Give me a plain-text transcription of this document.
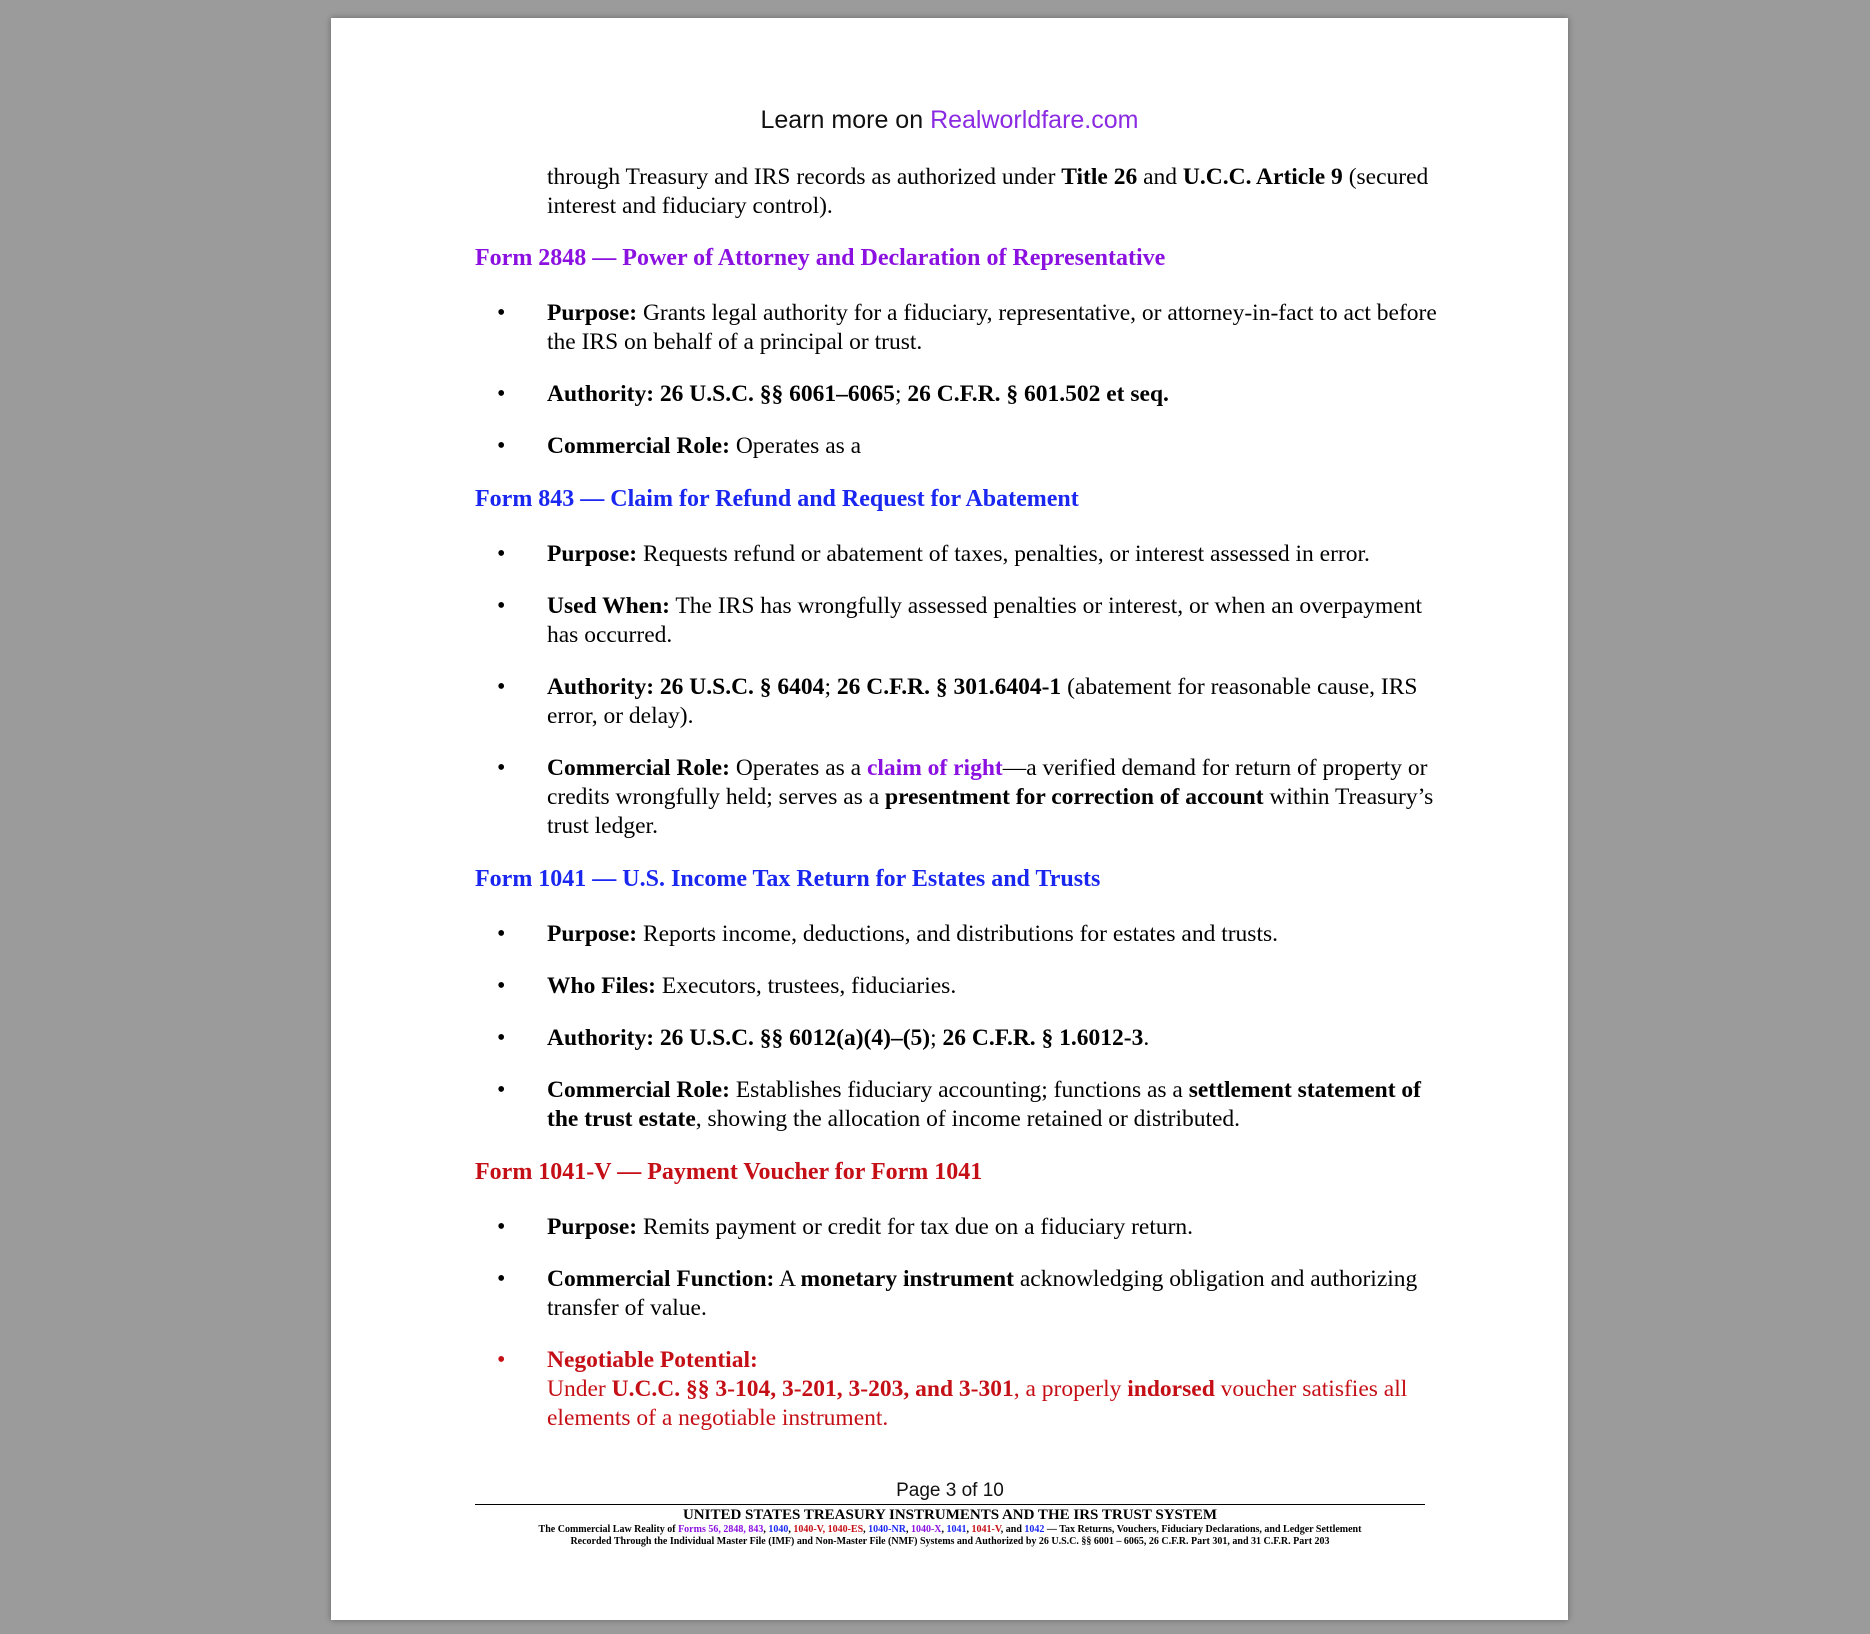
Learn more on Realworldfare.com

through Treasury and IRS records as authorized under Title 26 and U.C.C. Article 9 (secured interest and fiduciary control).

Form 2848 — Power of Attorney and Declaration of Representative
• Purpose: Grants legal authority for a fiduciary, representative, or attorney-in-fact to act before the IRS on behalf of a principal or trust.
• Authority: 26 U.S.C. §§ 6061–6065; 26 C.F.R. § 601.502 et seq.
• Commercial Role: Operates as a
Form 843 — Claim for Refund and Request for Abatement
• Purpose: Requests refund or abatement of taxes, penalties, or interest assessed in error.
• Used When: The IRS has wrongfully assessed penalties or interest, or when an overpayment has occurred.
• Authority: 26 U.S.C. § 6404; 26 C.F.R. § 301.6404-1 (abatement for reasonable cause, IRS error, or delay).
• Commercial Role: Operates as a claim of right—a verified demand for return of property or credits wrongfully held; serves as a presentment for correction of account within Treasury’s trust ledger.
Form 1041 — U.S. Income Tax Return for Estates and Trusts
• Purpose: Reports income, deductions, and distributions for estates and trusts.
• Who Files: Executors, trustees, fiduciaries.
• Authority: 26 U.S.C. §§ 6012(a)(4)–(5); 26 C.F.R. § 1.6012-3.
• Commercial Role: Establishes fiduciary accounting; functions as a settlement statement of the trust estate, showing the allocation of income retained or distributed.
Form 1041-V — Payment Voucher for Form 1041
• Purpose: Remits payment or credit for tax due on a fiduciary return.
• Commercial Function: A monetary instrument acknowledging obligation and authorizing transfer of value.
• Negotiable Potential:
Under U.C.C. §§ 3-104, 3-201, 3-203, and 3-301, a properly indorsed voucher satisfies all elements of a negotiable instrument.
Page 3 of 10
UNITED STATES TREASURY INSTRUMENTS AND THE IRS TRUST SYSTEM
The Commercial Law Reality of Forms 56, 2848, 843, 1040, 1040-V, 1040-ES, 1040-NR, 1040-X, 1041, 1041-V, and 1042 — Tax Returns, Vouchers, Fiduciary Declarations, and Ledger Settlement
Recorded Through the Individual Master File (IMF) and Non-Master File (NMF) Systems and Authorized by 26 U.S.C. §§ 6001 – 6065, 26 C.F.R. Part 301, and 31 C.F.R. Part 203
